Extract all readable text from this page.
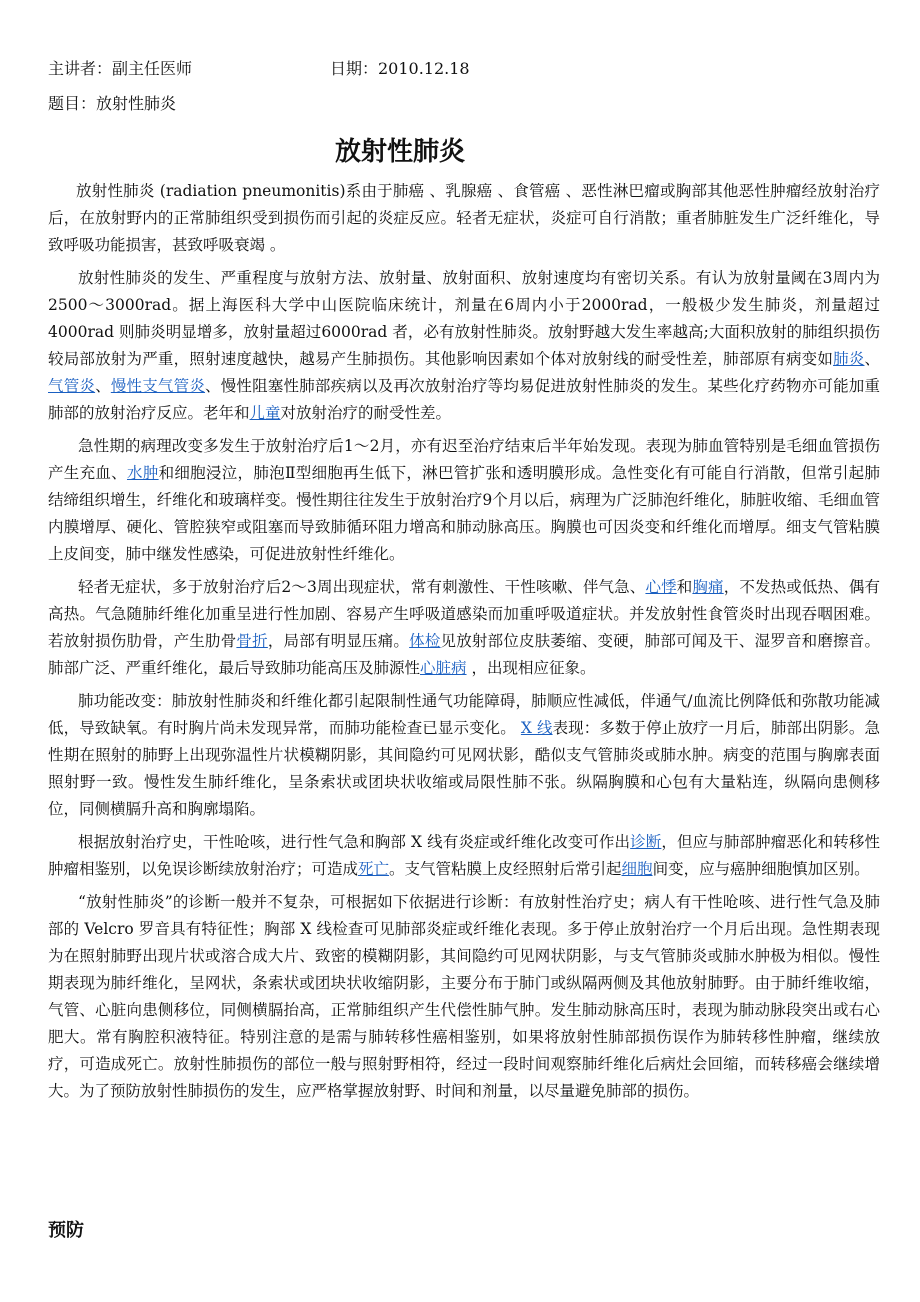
主讲者：副主任医师	日期：2010.12.18
题目：放射性肺炎
放射性肺炎

放射性肺炎 (radiation pneumonitis)系由于肺癌 、乳腺癌 、食管癌 、恶性淋巴瘤或胸部其他恶性肿瘤经放射治疗后，在放射野内的正常肺组织受到损伤而引起的炎症反应。轻者无症状，炎症可自行消散；重者肺脏发生广泛纤维化，导致呼吸功能损害，甚致呼吸衰竭 。

放射性肺炎的发生、严重程度与放射方法、放射量、放射面积、放射速度均有密切关系。有认为放射量阈在3周内为2500～3000rad。据上海医科大学中山医院临床统计，剂量在6周内小于2000rad，一般极少发生肺炎，剂量超过4000rad 则肺炎明显增多，放射量超过6000rad 者，必有放射性肺炎。放射野越大发生率越高;大面积放射的肺组织损伤较局部放射为严重，照射速度越快，越易产生肺损伤。其他影响因素如个体对放射线的耐受性差，肺部原有病变如肺炎、气管炎、慢性支气管炎、慢性阻塞性肺部疾病以及再次放射治疗等均易促进放射性肺炎的发生。某些化疗药物亦可能加重肺部的放射治疗反应。老年和儿童对放射治疗的耐受性差。

急性期的病理改变多发生于放射治疗后1～2月，亦有迟至治疗结束后半年始发现。表现为肺血管特别是毛细血管损伤产生充血、水肿和细胞浸泣，肺泡Ⅱ型细胞再生低下，淋巴管扩张和透明膜形成。急性变化有可能自行消散，但常引起肺结缔组织增生，纤维化和玻璃样变。慢性期往往发生于放射治疗9个月以后，病理为广泛肺泡纤维化，肺脏收缩、毛细血管内膜增厚、硬化、管腔狭窄或阻塞而导致肺循环阻力增高和肺动脉高压。胸膜也可因炎变和纤维化而增厚。细支气管粘膜上皮间变，肺中继发性感染，可促进放射性纤维化。

轻者无症状，多于放射治疗后2～3周出现症状，常有刺激性、干性咳嗽、伴气急、心悸和胸痛，不发热或低热、偶有高热。气急随肺纤维化加重呈进行性加剧、容易产生呼吸道感染而加重呼吸道症状。并发放射性食管炎时出现吞咽困难。若放射损伤肋骨，产生肋骨骨折，局部有明显压痛。体检见放射部位皮肤萎缩、变硬，肺部可闻及干、湿罗音和磨擦音。肺部广泛、严重纤维化，最后导致肺功能高压及肺源性心脏病 ，出现相应征象。

肺功能改变：肺放射性肺炎和纤维化都引起限制性通气功能障碍，肺顺应性减低，伴通气/血流比例降低和弥散功能减低，导致缺氧。有时胸片尚未发现异常，而肺功能检查已显示变化。 X 线表现：多数于停止放疗一月后，肺部出阴影。急性期在照射的肺野上出现弥温性片状模糊阴影，其间隐约可见网状影，酷似支气管肺炎或肺水肿。病变的范围与胸廓表面照射野一致。慢性发生肺纤维化，呈条索状或团块状收缩或局限性肺不张。纵隔胸膜和心包有大量粘连，纵隔向患侧移位，同侧横膈升高和胸廓塌陷。

根据放射治疗史，干性呛咳，进行性气急和胸部 X 线有炎症或纤维化改变可作出诊断，但应与肺部肿瘤恶化和转移性肿瘤相鉴别，以免误诊断续放射治疗；可造成死亡。支气管粘膜上皮经照射后常引起细胞间变，应与癌肿细胞慎加区别。

“放射性肺炎”的诊断一般并不复杂，可根据如下依据进行诊断：有放射性治疗史；病人有干性呛咳、进行性气急及肺部的 Velcro 罗音具有特征性；胸部 X 线检查可见肺部炎症或纤维化表现。多于停止放射治疗一个月后出现。急性期表现为在照射肺野出现片状或溶合成大片、致密的模糊阴影，其间隐约可见网状阴影，与支气管肺炎或肺水肿极为相似。慢性期表现为肺纤维化，呈网状，条索状或团块状收缩阴影，主要分布于肺门或纵隔两侧及其他放射肺野。由于肺纤维收缩，气管、心脏向患侧移位，同侧横膈抬高，正常肺组织产生代偿性肺气肿。发生肺动脉高压时，表现为肺动脉段突出或右心肥大。常有胸腔积液特征。特别注意的是需与肺转移性癌相鉴别，如果将放射性肺部损伤误作为肺转移性肿瘤，继续放疗，可造成死亡。放射性肺损伤的部位一般与照射野相符，经过一段时间观察肺纤维化后病灶会回缩，而转移癌会继续增大。为了预防放射性肺损伤的发生，应严格掌握放射野、时间和剂量，以尽量避免肺部的损伤。

预防
